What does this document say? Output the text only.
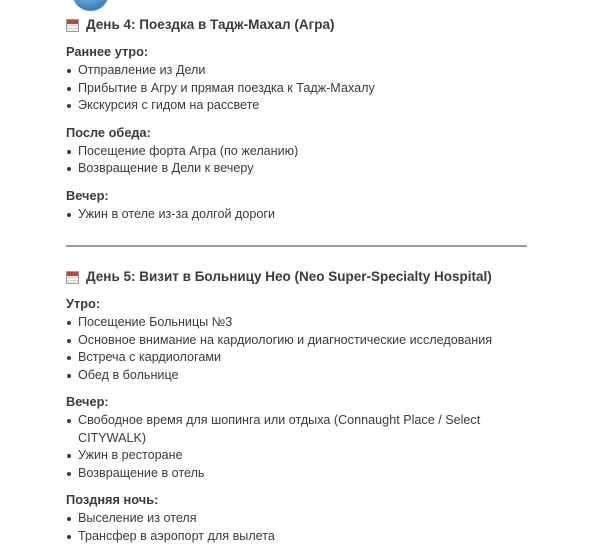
День 4: Поездка в Тадж-Махал (Агра)
Раннее утро:
Отправление из Дели
Прибытие в Агру и прямая поездка к Тадж-Махалу
Экскурсия с гидом на рассвете
После обеда:
Посещение форта Агра (по желанию)
Возвращение в Дели к вечеру
Вечер:
Ужин в отеле из-за долгой дороги
День 5: Визит в Больницу Нео (Neo Super-Specialty Hospital)
Утро:
Посещение Больницы №3
Основное внимание на кардиологию и диагностические исследования
Встреча с кардиологами
Обед в больнице
Вечер:
Свободное время для шопинга или отдыха (Connaught Place / Select CITYWALK)
Ужин в ресторане
Возвращение в отель
Поздняя ночь:
Выселение из отеля
Трансфер в аэропорт для вылета
